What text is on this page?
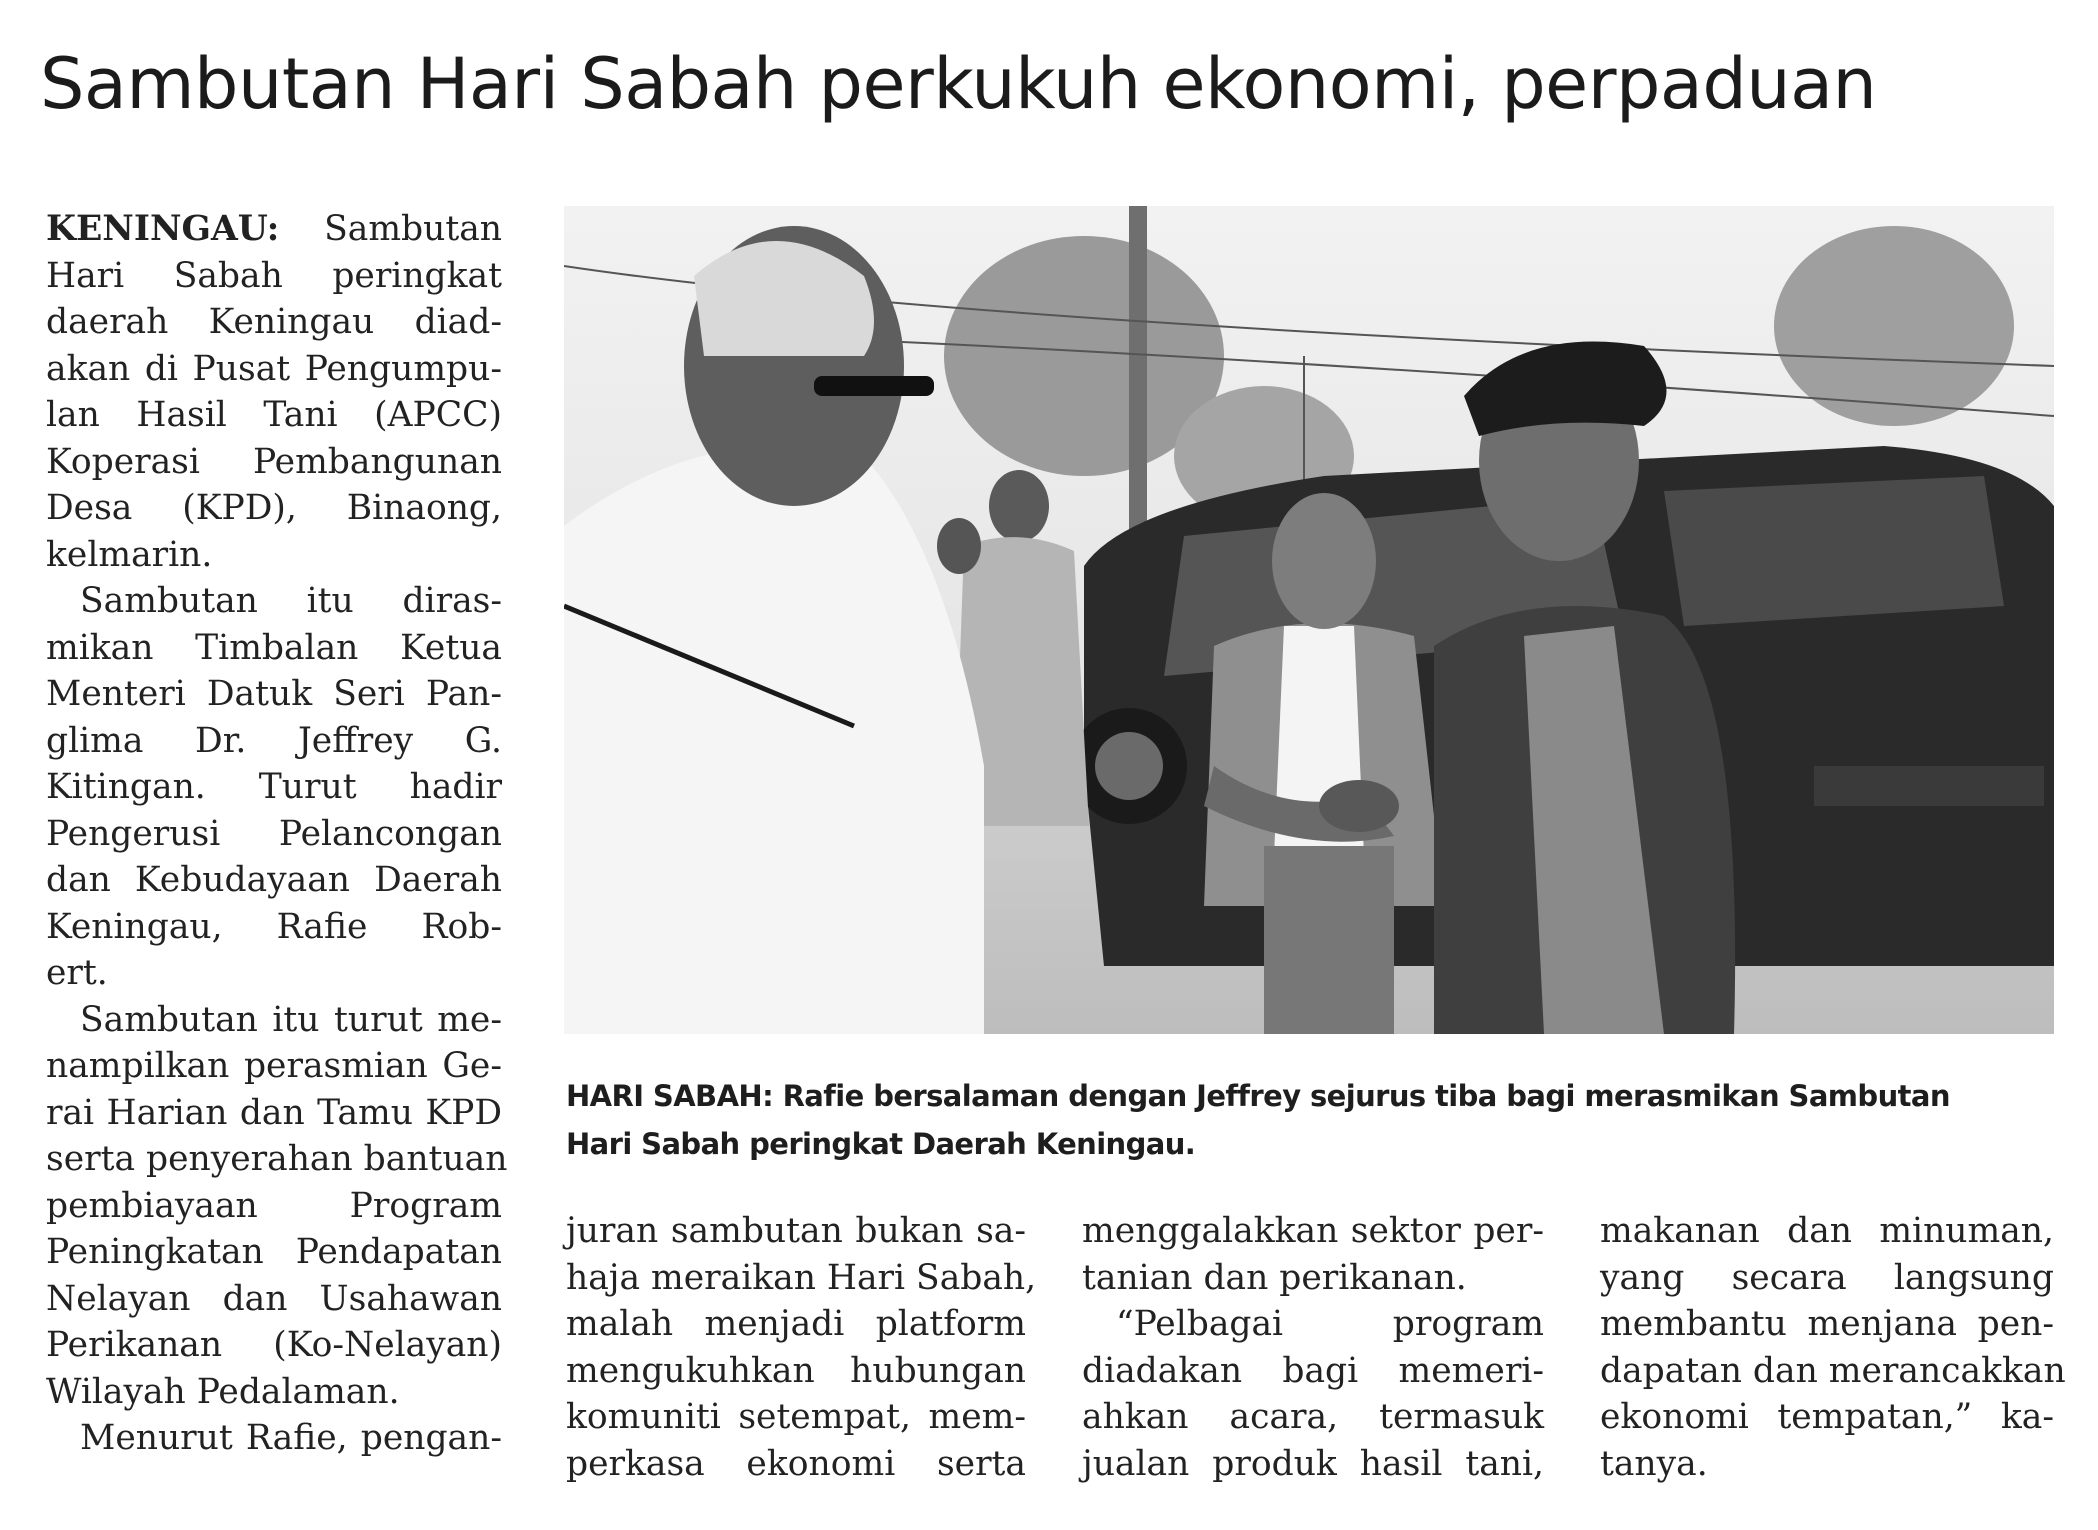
Sambutan Hari Sabah perkukuh ekonomi, perpaduan
KENINGAU: Sambutan
Hari Sabah peringkat
daerah Keningau diad-
akan di Pusat Pengumpu-
lan Hasil Tani (APCC)
Koperasi Pembangunan
Desa (KPD), Binaong,
kelmarin.
Sambutan itu diras-
mikan Timbalan Ketua
Menteri Datuk Seri Pan-
glima Dr. Jeffrey G.
Kitingan. Turut hadir
Pengerusi Pelancongan
dan Kebudayaan Daerah
Keningau, Rafie Rob-
ert.
Sambutan itu turut me-
nampilkan perasmian Ge-
rai Harian dan Tamu KPD
serta penyerahan bantuan
pembiayaan Program
Peningkatan Pendapatan
Nelayan dan Usahawan
Perikanan (Ko-Nelayan)
Wilayah Pedalaman.
Menurut Rafie, pengan-
HARI SABAH: Rafie bersalaman dengan Jeffrey sejurus tiba bagi merasmikan Sambutan
Hari Sabah peringkat Daerah Keningau.
juran sambutan bukan sa-
haja meraikan Hari Sabah,
malah menjadi platform
mengukuhkan hubungan
komuniti setempat, mem-
perkasa ekonomi serta
menggalakkan sektor per-
tanian dan perikanan.
“Pelbagai program
diadakan bagi memeri-
ahkan acara, termasuk
jualan produk hasil tani,
makanan dan minuman,
yang secara langsung
membantu menjana pen-
dapatan dan merancakkan
ekonomi tempatan,” ka-
tanya.
